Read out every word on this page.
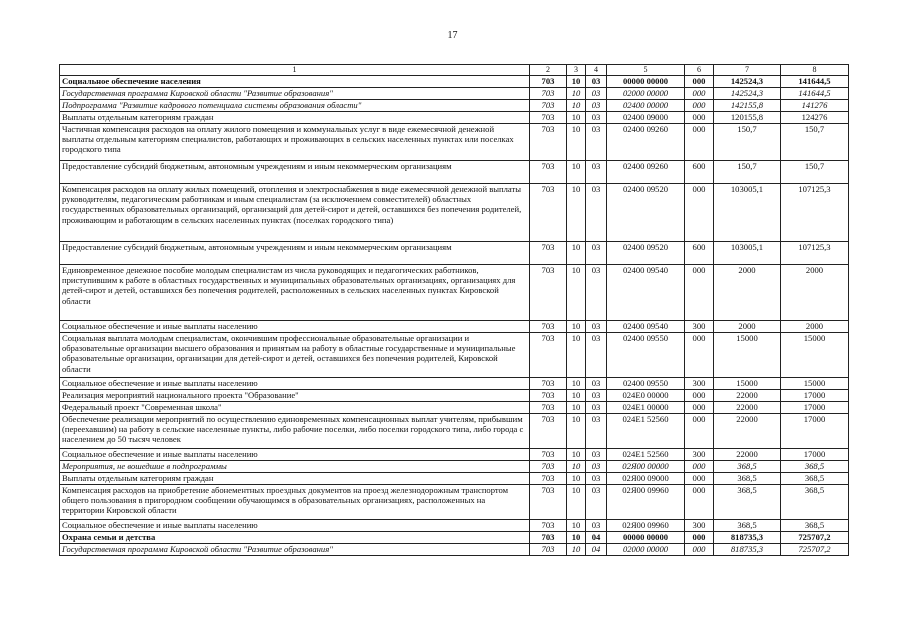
17
1	2	3	4	5	6	7	8
Социальное обеспечение населения	703	10	03	00000 00000	000	142524,3	141644,5
Государственная программа Кировской области "Развитие образования"	703	10	03	02000 00000	000	142524,3	141644,5
Подпрограмма "Развитие кадрового потенциала системы образования области"	703	10	03	02400 00000	000	142155,8	141276
Выплаты отдельным категориям граждан	703	10	03	02400 09000	000	120155,8	124276
Частичная компенсация расходов на оплату жилого помещения и коммунальных услуг в виде ежемесячной денежной выплаты отдельным категориям специалистов, работающих и проживающих в сельских населенных пунктах или поселках городского типа	703	10	03	02400 09260	000	150,7	150,7
Предоставление субсидий бюджетным, автономным учреждениям и иным некоммерческим организациям	703	10	03	02400 09260	600	150,7	150,7
Компенсация расходов на оплату жилых помещений, отопления и электроснабжения в виде ежемесячной денежной выплаты руководителям, педагогическим работникам и иным специалистам (за исключением совместителей) областных государственных образовательных организаций, организаций для детей-сирот и детей, оставшихся без попечения родителей, проживающим и работающим в сельских населенных пунктах (поселках городского типа)	703	10	03	02400 09520	000	103005,1	107125,3
Предоставление субсидий бюджетным, автономным учреждениям и иным некоммерческим организациям	703	10	03	02400 09520	600	103005,1	107125,3
Единовременное денежное пособие молодым специалистам из числа руководящих и педагогических работников, приступившим к работе в областных государственных и муниципальных образовательных организациях, организациях для детей-сирот и детей, оставшихся без попечения родителей, расположенных в сельских населенных пунктах Кировской области	703	10	03	02400 09540	000	2000	2000
Социальное обеспечение и иные выплаты населению	703	10	03	02400 09540	300	2000	2000
Социальная выплата молодым специалистам, окончившим профессиональные образовательные организации и образовательные организации высшего образования и принятым на работу в областные государственные и муниципальные образовательные организации, организации для детей-сирот и детей, оставшихся без попечения родителей, Кировской области	703	10	03	02400 09550	000	15000	15000
Социальное обеспечение и иные выплаты населению	703	10	03	02400 09550	300	15000	15000
Реализация мероприятий национального проекта "Образование"	703	10	03	024E0 00000	000	22000	17000
Федеральный проект "Современная школа"	703	10	03	024E1 00000	000	22000	17000
Обеспечение реализации мероприятий по осуществлению единовременных компенсационных выплат учителям, прибывшим (переехавшим) на работу в сельские населенные пункты, либо рабочие поселки, либо поселки городского типа, либо города с населением до 50 тысяч человек	703	10	03	024E1 52560	000	22000	17000
Социальное обеспечение и иные выплаты населению	703	10	03	024E1 52560	300	22000	17000
Мероприятия, не вошедшие в подпрограммы	703	10	03	02Я00 00000	000	368,5	368,5
Выплаты отдельным категориям граждан	703	10	03	02Я00 09000	000	368,5	368,5
Компенсация расходов на приобретение абонементных проездных документов на проезд железнодорожным транспортом общего пользования в пригородном сообщении обучающимся в образовательных организациях, расположенных на территории Кировской области	703	10	03	02Я00 09960	000	368,5	368,5
Социальное обеспечение и иные выплаты населению	703	10	03	02Я00 09960	300	368,5	368,5
Охрана семьи и детства	703	10	04	00000 00000	000	818735,3	725707,2
Государственная программа Кировской области "Развитие образования"	703	10	04	02000 00000	000	818735,3	725707,2
